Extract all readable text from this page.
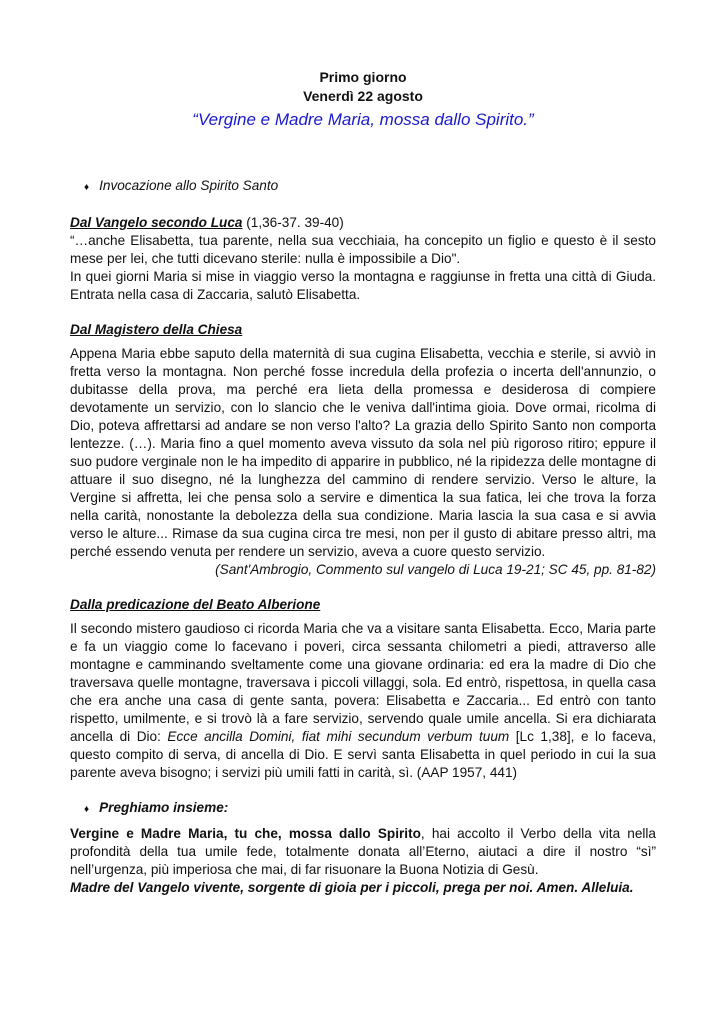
Primo giorno
Venerdì 22 agosto
“Vergine e Madre Maria, mossa dallo Spirito.”
♦ Invocazione allo Spirito Santo
Dal Vangelo secondo Luca (1,36-37. 39-40)

“…anche Elisabetta, tua parente, nella sua vecchiaia, ha concepito un figlio e questo è il sesto mese per lei, che tutti dicevano sterile: nulla è impossibile a Dio".

In quei giorni Maria si mise in viaggio verso la montagna e raggiunse in fretta una città di Giuda. Entrata nella casa di Zaccaria, salutò Elisabetta.

Dal Magistero della Chiesa

Appena Maria ebbe saputo della maternità di sua cugina Elisabetta, vecchia e sterile, si avviò in fretta verso la montagna. Non perché fosse incredula della profezia o incerta dell'annunzio, o dubitasse della prova, ma perché era lieta della promessa e desiderosa di compiere devotamente un servizio, con lo slancio che le veniva dall'intima gioia. Dove ormai, ricolma di Dio, poteva affrettarsi ad andare se non verso l'alto? La grazia dello Spirito Santo non comporta lentezze. (…). Maria fino a quel momento aveva vissuto da sola nel più rigoroso ritiro; eppure il suo pudore verginale non le ha impedito di apparire in pubblico, né la ripidezza delle montagne di attuare il suo disegno, né la lunghezza del cammino di rendere servizio. Verso le alture, la Vergine si affretta, lei che pensa solo a servire e dimentica la sua fatica, lei che trova la forza nella carità, nonostante la debolezza della sua condizione. Maria lascia la sua casa e si avvia verso le alture... Rimase da sua cugina circa tre mesi, non per il gusto di abitare presso altri, ma perché essendo venuta per rendere un servizio, aveva a cuore questo servizio.

(Sant'Ambrogio, Commento sul vangelo di Luca 19-21; SC 45, pp. 81-82)
Dalla predicazione del Beato Alberione

Il secondo mistero gaudioso ci ricorda Maria che va a visitare santa Elisabetta. Ecco, Maria parte e fa un viaggio come lo facevano i poveri, circa sessanta chilometri a piedi, attraverso alle montagne e camminando sveltamente come una giovane ordinaria: ed era la madre di Dio che traversava quelle montagne, traversava i piccoli villaggi, sola. Ed entrò, rispettosa, in quella casa che era anche una casa di gente santa, povera: Elisabetta e Zaccaria... Ed entrò con tanto rispetto, umilmente, e si trovò là a fare servizio, servendo quale umile ancella. Si era dichiarata ancella di Dio: Ecce ancilla Domini, fiat mihi secundum verbum tuum [Lc 1,38], e lo faceva, questo compito di serva, di ancella di Dio. E servì santa Elisabetta in quel periodo in cui la sua parente aveva bisogno; i servizi più umili fatti in carità, sì. (AAP 1957, 441)

♦ Preghiamo insieme:

Vergine e Madre Maria, tu che, mossa dallo Spirito, hai accolto il Verbo della vita nella profondità della tua umile fede, totalmente donata all’Eterno, aiutaci a dire il nostro “sì” nell’urgenza, più imperiosa che mai, di far risuonare la Buona Notizia di Gesù.

Madre del Vangelo vivente, sorgente di gioia per i piccoli, prega per noi. Amen. Alleluia.
